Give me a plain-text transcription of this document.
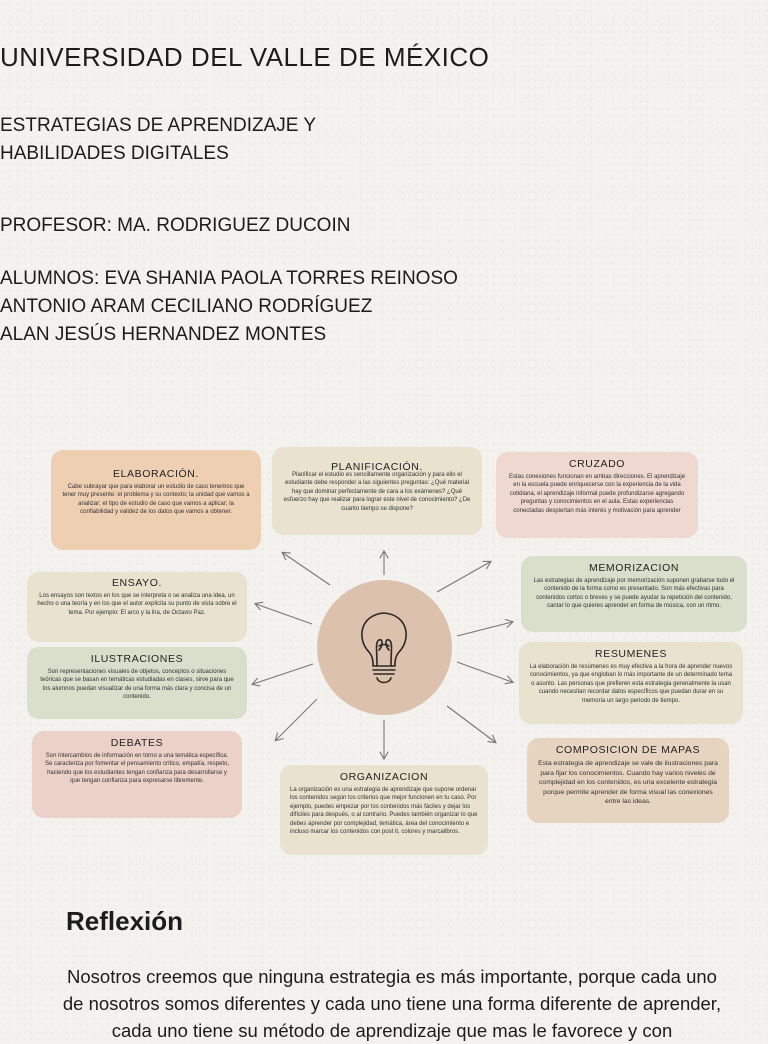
UNIVERSIDAD DEL VALLE DE MÉXICO
ESTRATEGIAS DE APRENDIZAJE Y
HABILIDADES DIGITALES
PROFESOR: MA. RODRIGUEZ DUCOIN
ALUMNOS: EVA SHANIA PAOLA TORRES REINOSO
ANTONIO ARAM CECILIANO RODRÍGUEZ
ALAN JESÚS HERNANDEZ MONTES
ELABORACIÓN.

Cabe subrayar que para elaborar un estudio de caso tenemos que tener muy presente: el problema y su contexto; la unidad que vamos a analizar; el tipo de estudio de caso que vamos a aplicar; la confiabilidad y validez de los datos que vamos a obtener.

PLANIFICACIÓN.

Planificar el estudio es sencillamente organización y para ello el estudiante debe responder a las siguientes preguntas: ¿Qué material hay que dominar perfectamente de cara a los exámenes? ¿Qué esfuerzo hay que realizar para lograr este nivel de conocimiento? ¿De cuanto tiempo se dispone?

CRUZADO

Estas conexiones funcionan en ambas direcciones. El aprendizaje en la escuela puede enriquecerse con la experiencia de la vida cotidiana, el aprendizaje informal puede profundizarse agregando preguntas y conocimientos en el aula. Estas experiencias conectadas despiertan más interés y motivación para aprender

ENSAYO.

Los ensayos son textos en los que se interpreta o se analiza una idea, un hecho o una teoría y en los que el autor explicita su punto de vista sobre el tema. Por ejemplo: El arco y la lira, de Octavio Paz.

MEMORIZACION

Las estrategias de aprendizaje por memorización suponen grabarse todo el contenido de la forma como es presentado. Son más efectivas para contenidos cortos o breves y se puede ayudar la repetición del contenido, cantar lo que quieres aprender en forma de música, con un ritmo.

ILUSTRACIONES

Son representaciones visuales de objetos, conceptos o situaciones teóricas que se basan en temáticas estudiadas en clases, sirve para que los alumnos puedan visualizar de una forma más clara y concisa de un contenido.

RESUMENES

La elaboración de resúmenes es muy efectiva a la hora de aprender nuevos conocimientos, ya que engloban lo más importante de un determinado tema o asunto. Las personas que prefieren esta estrategia generalmente la usan cuando necesitan recordar datos específicos que puedan durar en su memoria un largo periodo de tiempo.

DEBATES

Son intercambios de información en torno a una temática específica. Se caracteriza por fomentar el pensamiento crítico, empatía, respeto, haciendo que los estudiantes tengan confianza para desarrollarse y que tengan confianza para expresarse libremente.

COMPOSICION DE MAPAS

Esta estrategia de aprendizaje se vale de ilustraciones para para fijar los conocimientos. Cuando hay varios niveles de complejidad en los contenidos, es una excelente estrategia porque permite aprender de forma visual las conexiones entre las ideas.

ORGANIZACION

La organización es una estrategia de aprendizaje que supone ordenar los contenidos según los criterios que mejor funcionen en tu caso. Por ejemplo, puedes empezar por los contenidos más fáciles y dejar los difíciles para después, o al contrario. Puedes también organizar lo que debes aprender por complejidad, temática, área del conocimiento e incluso marcar los contenidos con post it, colores y marcalibros.

Reflexión
Nosotros creemos que ninguna estrategia es más importante, porque cada uno de nosotros somos diferentes y cada uno tiene una forma diferente de aprender, cada uno tiene su método de aprendizaje que mas le favorece y con
